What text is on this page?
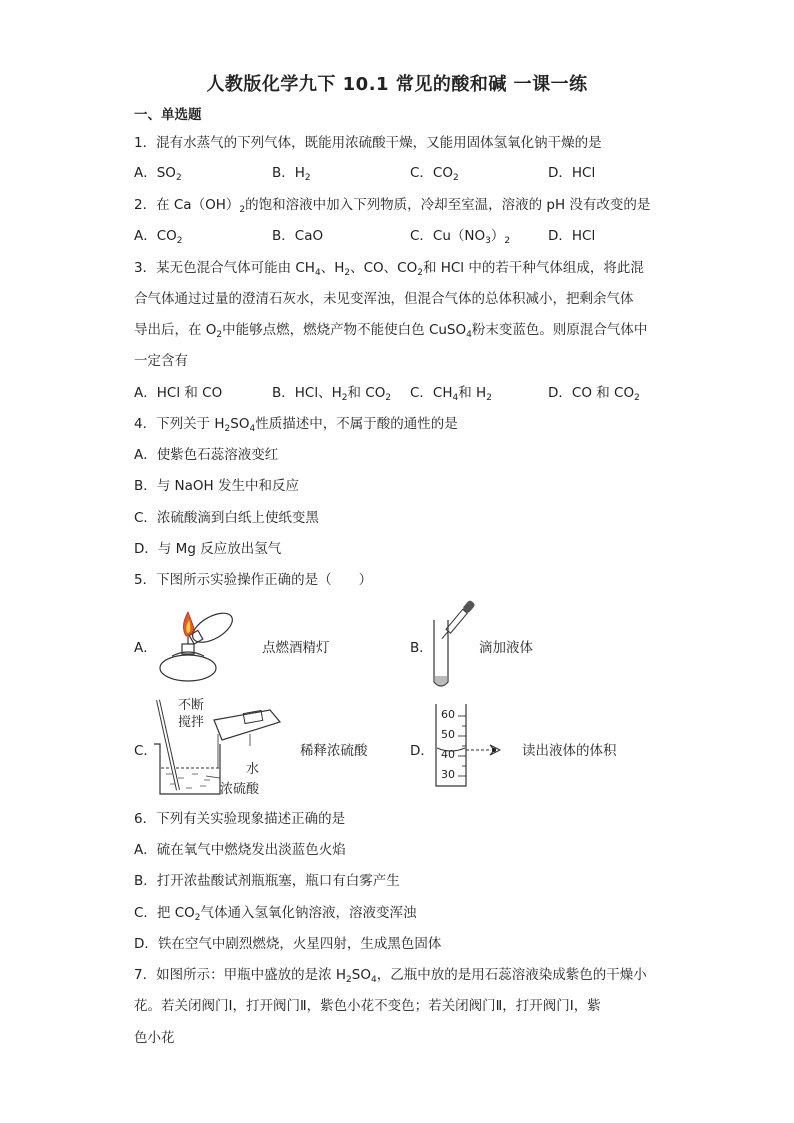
人教版化学九下 10.1 常见的酸和碱 一课一练
一、单选题
1．混有水蒸气的下列气体，既能用浓硫酸干燥，又能用固体氢氧化钠干燥的是
A．$SO_2$	B．$H_2$	C．$CO_2$	D．HCl
2．在 $Ca(OH)_2$的饱和溶液中加入下列物质，冷却至室温，溶液的 pH 没有改变的是
A．$CO_2$	B．CaO	C．$Cu(NO_3)_2$	D．HCl
3．某无色混合气体可能由 $CH_4$、$H_2$、CO、$CO_2$和 HCl 中的若干种气体组成，将此混
合气体通过过量的澄清石灰水，未见变浑浊，但混合气体的总体积减小，把剩余气体
导出后，在 $O_2$中能够点燃，燃烧产物不能使白色 CuSO$_4$粉末变蓝色。则原混合气体中
一定含有
A．HCl 和 CO	B．HCl、$H_2$和 $CO_2$ C．$CH_4$和 $H_2$	D．CO 和 $CO_2$
4．下列关于 $H_2SO_4$性质描述中，不属于酸的通性的是
A．使紫色石蕊溶液变红
B．与 NaOH 发生中和反应
C．浓硫酸滴到白纸上使纸变黑
D．与 Mg 反应放出氢气
5．下图所示实验操作正确的是（　　）
A．	点燃酒精灯	B．	滴加液体
C．
不断
搅拌
水
浓硫酸
稀释浓硫酸	D．
60
50
40
30
读出液体的体积
6．下列有关实验现象描述正确的是
A．硫在氧气中燃烧发出淡蓝色火焰
B．打开浓盐酸试剂瓶瓶塞，瓶口有白雾产生
C．把 $CO_2$气体通入氢氧化钠溶液，溶液变浑浊
D．铁在空气中剧烈燃烧，火星四射，生成黑色固体
7．如图所示：甲瓶中盛放的是浓 $H_2SO_4$，乙瓶中放的是用石蕊溶液染成紫色的干燥小
花。若关闭阀门Ⅰ，打开阀门Ⅱ，紫色小花不变色；若关闭阀门Ⅱ，打开阀门Ⅰ，紫
色小花
